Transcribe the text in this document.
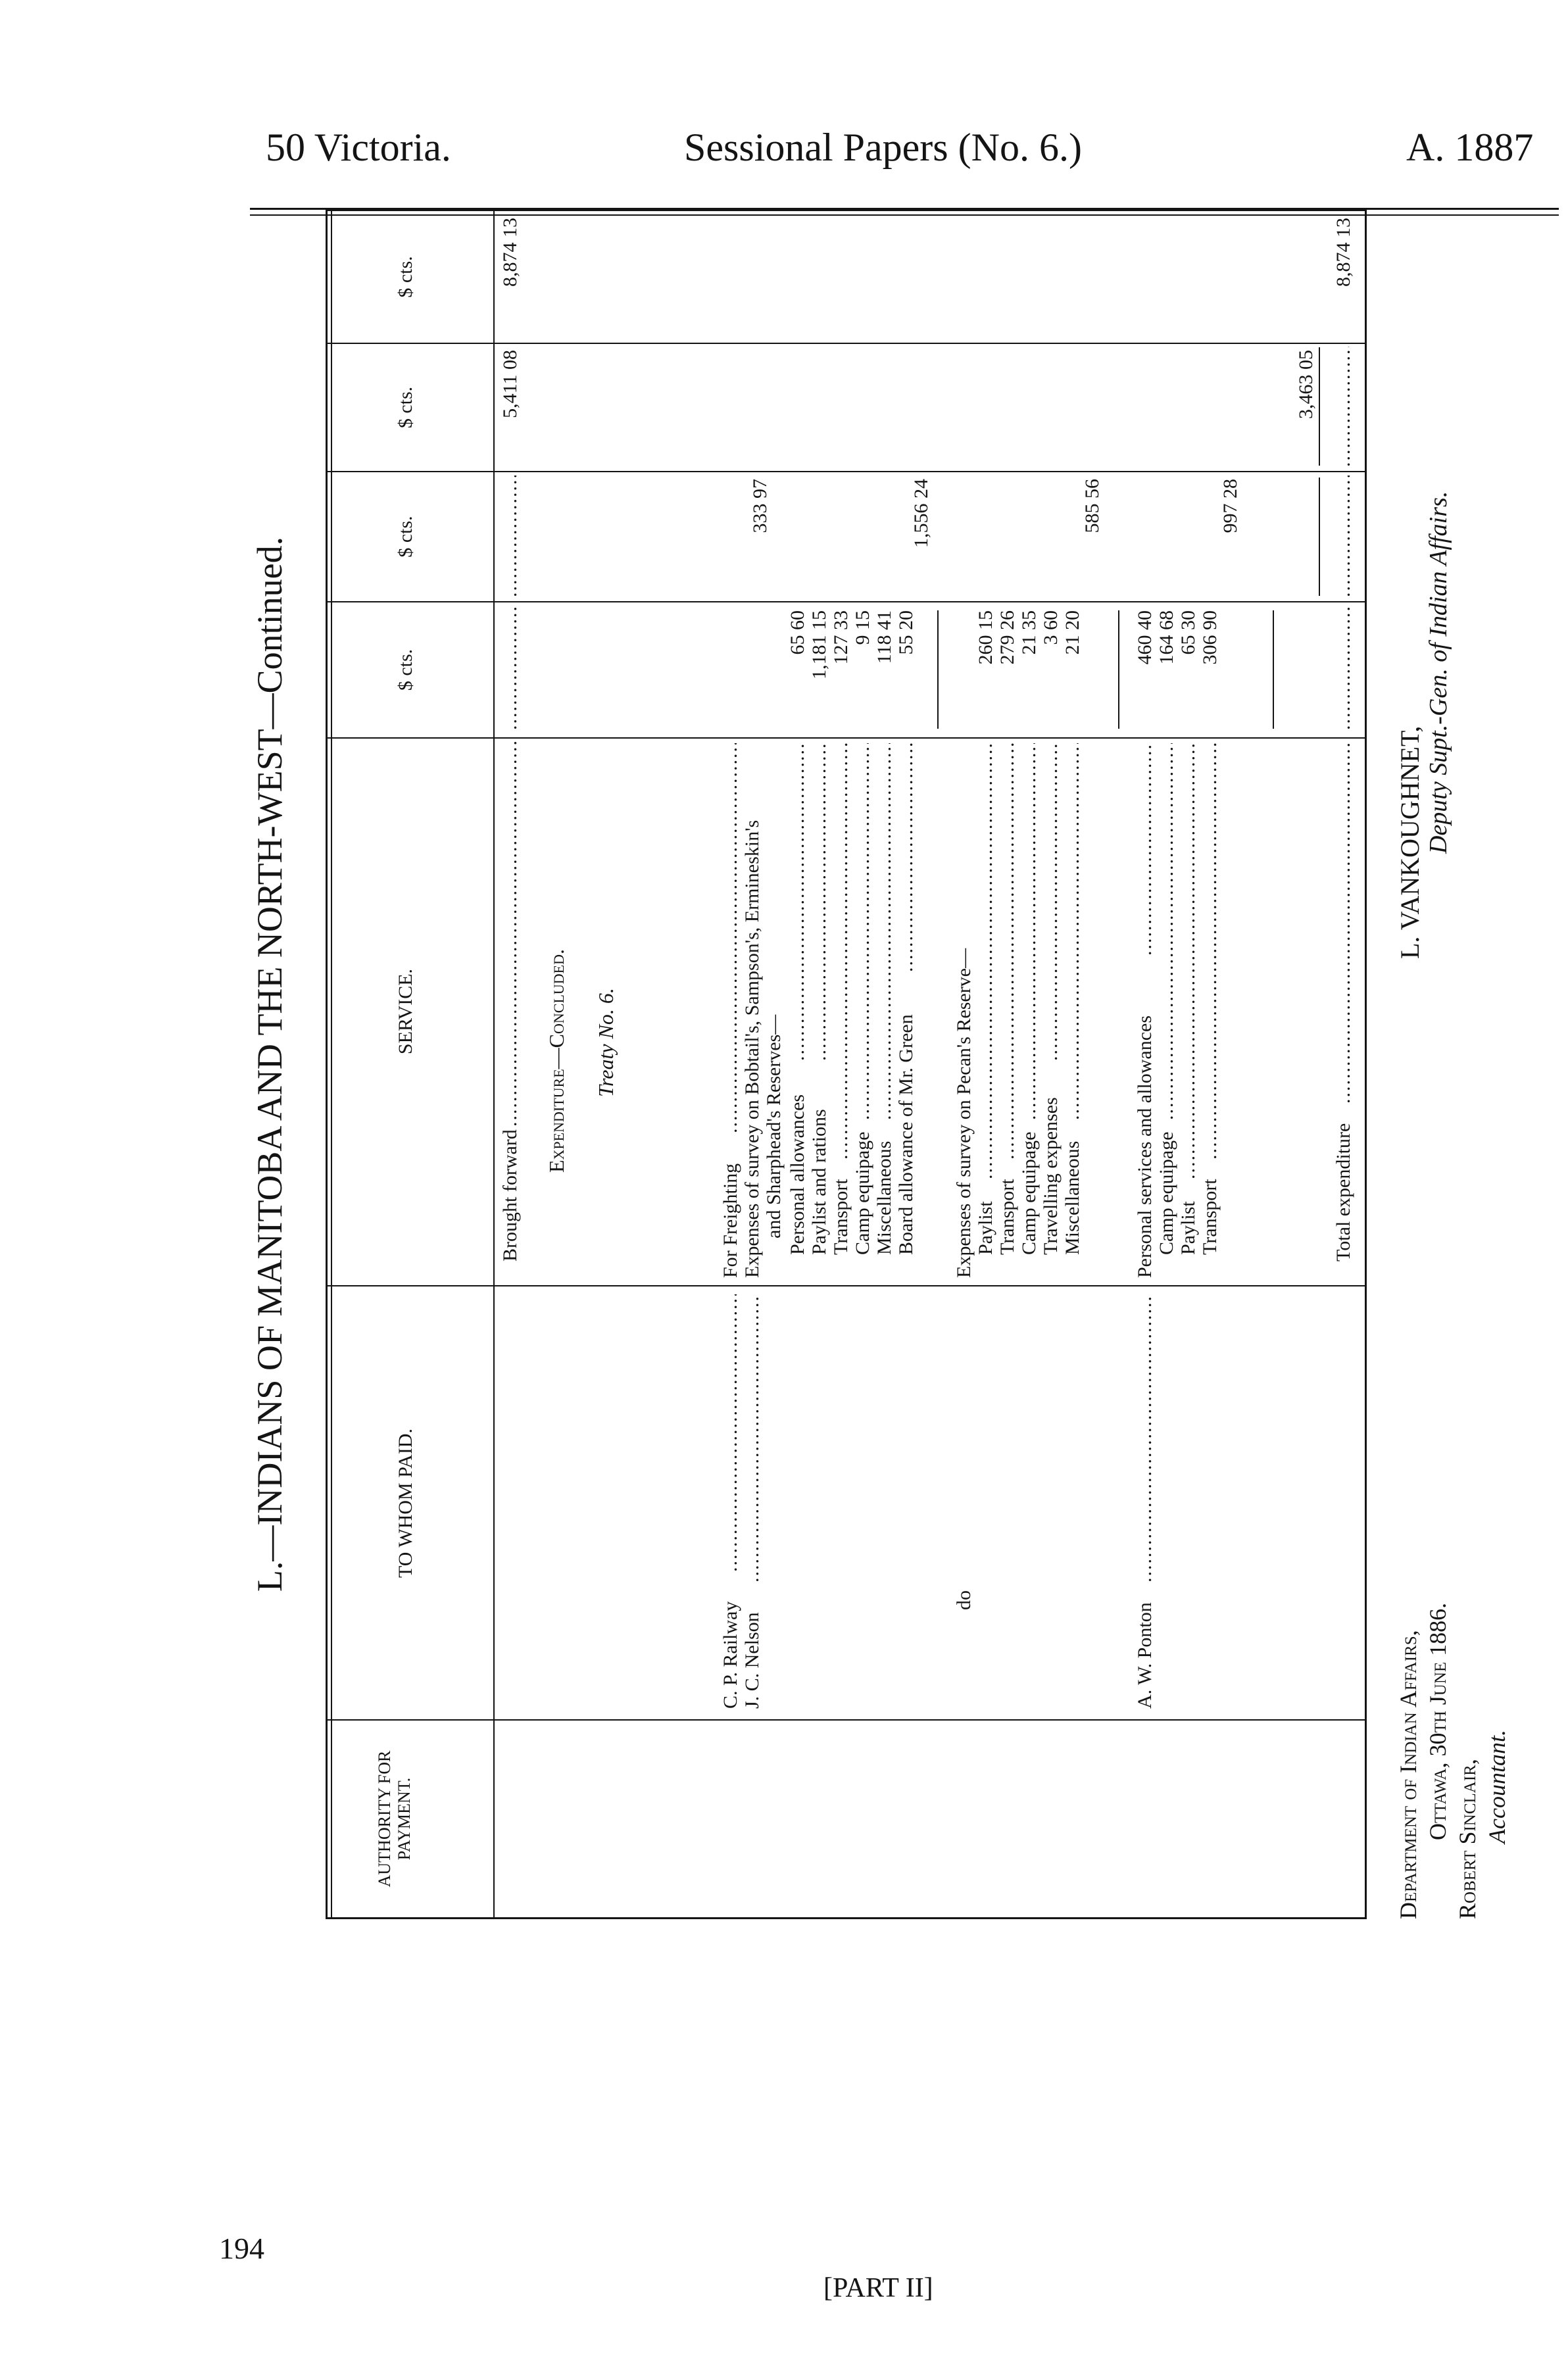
50 Victoria.	Sessional Papers (No. 6.)	A. 1887
194
[PART II]
L.—INDIANS OF MANITOBA AND THE NORTH-WEST—Continued.
AUTHORITY FOR PAYMENT.
TO WHOM PAID.
SERVICE.
$ cts.
$ cts.
$ cts.
$ cts.
Brought forward
.....
.....
.....
5,411 08
8,874 13
Expenditure—Concluded. Treaty No. 6.
C. P. Railway
.....
For Freighting
.....
333 97
J. C. Nelson
.....
Expenses of survey on Bobtail's, Sampson's, Ermineskin's and Sharphead's Reserves— Personal allowances
.....
65 60
Paylist and rations
.....
1,181 15
Transport
.....
127 33
Camp equipage
.....
9 15
Miscellaneous
.....
118 41
Board allowance of Mr. Green
.....
55 20
1,556 24
do
Expenses of survey on Pecan's Reserve— Paylist
.....
260 15
Transport
.....
279 26
Camp equipage
.....
21 35
Travelling expenses
.....
3 60
Miscellaneous
.....
21 20
585 56
A. W. Ponton
.....
Personal services and allowances
.....
460 40
Camp equipage
.....
164 68
Paylist
.....
65 30
Transport
.....
306 90
997 28
3,463 05
Total expenditure
.....
.....
.....
.....
8,874 13
Department of Indian Affairs, Ottawa, 30th June 1886. Robert Sinclair, Accountant.
L. VANKOUGHNET, Deputy Supt.-Gen. of Indian Affairs.
